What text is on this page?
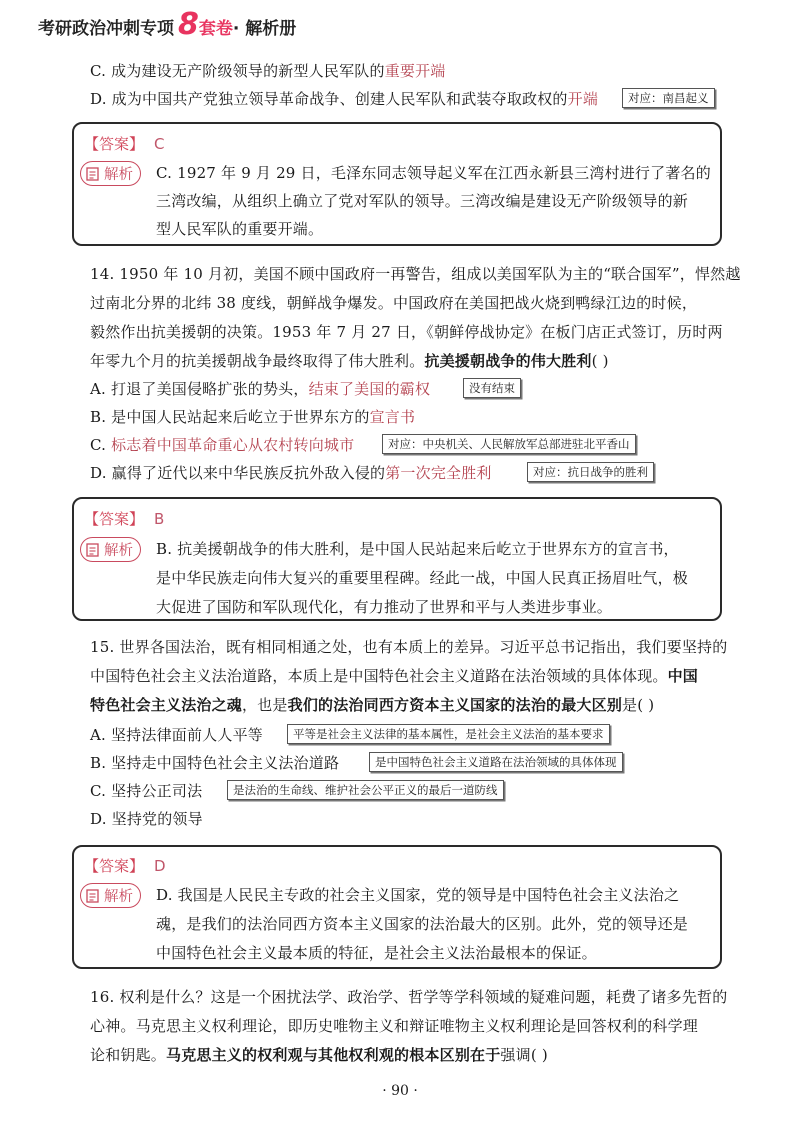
考研政治冲刺专项 8 套卷 · 解析册
C. 成为建设无产阶级领导的新型人民军队的重要开端
D. 成为中国共产党独立领导革命战争、创建人民军队和武装夺取政权的开端	对应：南昌起义
【答案】 C
解析 C. 1927 年 9 月 29 日，毛泽东同志领导起义军在江西永新县三湾村进行了著名的
三湾改编，从组织上确立了党对军队的领导。三湾改编是建设无产阶级领导的新
型人民军队的重要开端。
14. 1950 年 10 月初，美国不顾中国政府一再警告，组成以美国军队为主的“联合国军”，悍然越
过南北分界的北纬 38 度线，朝鲜战争爆发。中国政府在美国把战火烧到鸭绿江边的时候，
毅然作出抗美援朝的决策。1953 年 7 月 27 日，《朝鲜停战协定》在板门店正式签订，历时两
年零九个月的抗美援朝战争最终取得了伟大胜利。抗美援朝战争的伟大胜利( )
A. 打退了美国侵略扩张的势头，结束了美国的霸权	没有结束
B. 是中国人民站起来后屹立于世界东方的宣言书
C. 标志着中国革命重心从农村转向城市	对应：中央机关、人民解放军总部进驻北平香山
D. 赢得了近代以来中华民族反抗外敌入侵的第一次完全胜利	对应：抗日战争的胜利
【答案】 B
解析 B. 抗美援朝战争的伟大胜利，是中国人民站起来后屹立于世界东方的宣言书，
是中华民族走向伟大复兴的重要里程碑。经此一战，中国人民真正扬眉吐气，极
大促进了国防和军队现代化，有力推动了世界和平与人类进步事业。
15. 世界各国法治，既有相同相通之处，也有本质上的差异。习近平总书记指出，我们要坚持的
中国特色社会主义法治道路，本质上是中国特色社会主义道路在法治领域的具体体现。中国
特色社会主义法治之魂，也是我们的法治同西方资本主义国家的法治的最大区别是( )
A. 坚持法律面前人人平等	平等是社会主义法律的基本属性，是社会主义法治的基本要求
B. 坚持走中国特色社会主义法治道路	是中国特色社会主义道路在法治领域的具体体现
C. 坚持公正司法	是法治的生命线、维护社会公平正义的最后一道防线
D. 坚持党的领导
【答案】 D
解析 D. 我国是人民民主专政的社会主义国家，党的领导是中国特色社会主义法治之
魂，是我们的法治同西方资本主义国家的法治最大的区别。此外，党的领导还是
中国特色社会主义最本质的特征，是社会主义法治最根本的保证。
16. 权利是什么？这是一个困扰法学、政治学、哲学等学科领域的疑难问题，耗费了诸多先哲的
心神。马克思主义权利理论，即历史唯物主义和辩证唯物主义权利理论是回答权利的科学理
论和钥匙。马克思主义的权利观与其他权利观的根本区别在于强调( )
· 90 ·
